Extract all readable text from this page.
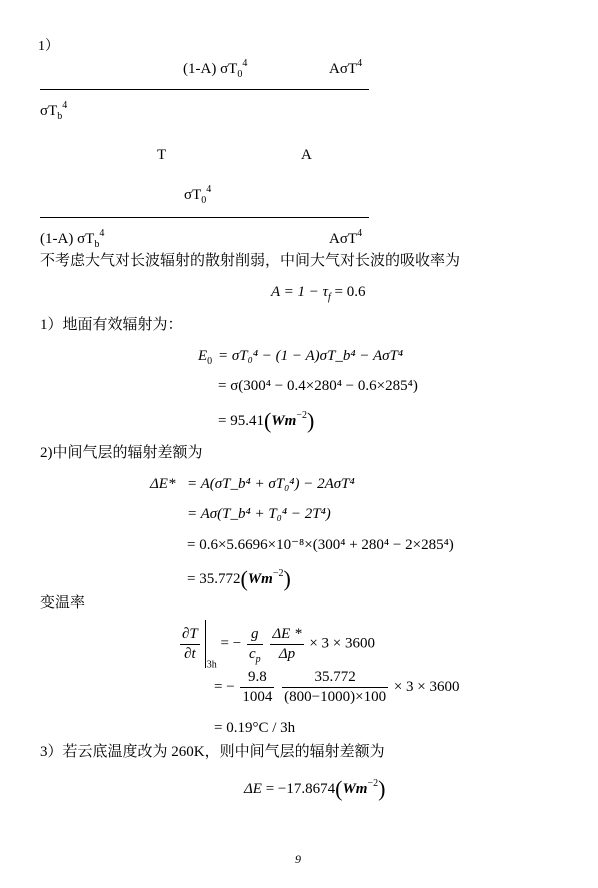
1）
(1-A) $\sigma T_0^4$	AσT$^4$
$\sigma T_b^4$
T	A
$\sigma T_0^4$
(1-A) $\sigma T_b^4$	AσT$^4$
不考虑大气对长波辐射的散射削弱，中间大气对长波的吸收率为
$A = 1 - \tau_f = 0.6$
1）地面有效辐射为：
$E_0 = \sigma T_0^4 - (1$ − A)σT_b⁴ − AσT⁴
= σ(300⁴ − 0.4×280⁴ − 0.6×285⁴)
= $95.41(Wm^{-2})$
2)中间气层的辐射差额为
ΔE* = A(σT_b⁴ + σT₀⁴) − 2AσT⁴
= Aσ(T_b⁴ + T₀⁴ − 2T⁴)
= 0.6×5.6696×10⁻⁸×(300⁴ + 280⁴ − 2×285⁴)
= $35.772(Wm^{-2})$
变温率
$\frac{\partial T}{\partial t}$
$_{3h}$ = − $\frac{g}{c_p}$
$\frac{\Delta E *}{\Delta p} \times 3 \times 3600$
= − $\frac{9.8}{1004}$
$\frac{35.772}{(800-1000)\times 100} \times 3 \times 3600$
= 0.19°C / 3h
3）若云底温度改为 260K，则中间气层的辐射差额为
$\Delta E = -17.8674(Wm^{-2})$
9
